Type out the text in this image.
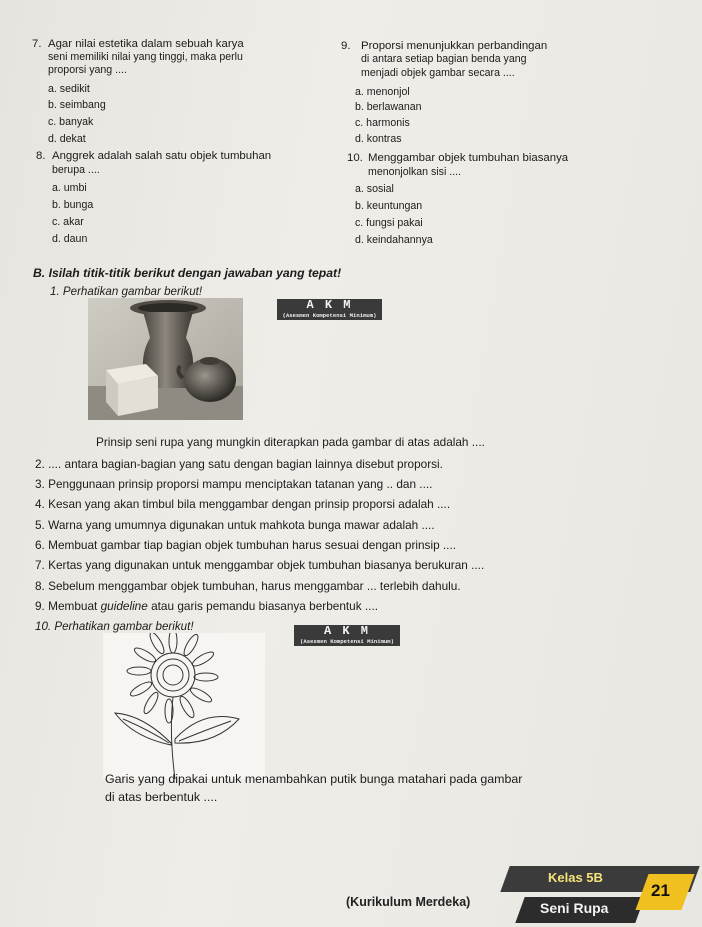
7. Agar nilai estetika dalam sebuah karya
seni memiliki nilai yang tinggi, maka perlu
proporsi yang ....
a. sedikit
b. seimbang
c. banyak
d. dekat
8. Anggrek adalah salah satu objek tumbuhan
berupa ....
a. umbi
b. bunga
c. akar
d. daun
9. Proporsi menunjukkan perbandingan
di antara setiap bagian benda yang
menjadi objek gambar secara ....
a. menonjol
b. berlawanan
c. harmonis
d. kontras
10. Menggambar objek tumbuhan biasanya
menonjolkan sisi ....
a. sosial
b. keuntungan
c. fungsi pakai
d. keindahannya
B. Isilah titik-titik berikut dengan jawaban yang tepat!
1. Perhatikan gambar berikut!
A K M
(Asesmen Kompetensi Minimum)
Prinsip seni rupa yang mungkin diterapkan pada gambar di atas adalah ....
2. .... antara bagian-bagian yang satu dengan bagian lainnya disebut proporsi.
3. Penggunaan prinsip proporsi mampu menciptakan tatanan yang .. dan ....
4. Kesan yang akan timbul bila menggambar dengan prinsip proporsi adalah ....
5. Warna yang umumnya digunakan untuk mahkota bunga mawar adalah ....
6. Membuat gambar tiap bagian objek tumbuhan harus sesuai dengan prinsip ....
7. Kertas yang digunakan untuk menggambar objek tumbuhan biasanya berukuran ....
8. Sebelum menggambar objek tumbuhan, harus menggambar ... terlebih dahulu.
9. Membuat guideline atau garis pemandu biasanya berbentuk ....
10. Perhatikan gambar berikut!	A K M
(Asesmen Kompetensi Minimum)
Garis yang dipakai untuk menambahkan putik bunga matahari pada gambar
di atas berbentuk ....
(Kurikulum Merdeka)
Kelas 5B
Seni Rupa
21
